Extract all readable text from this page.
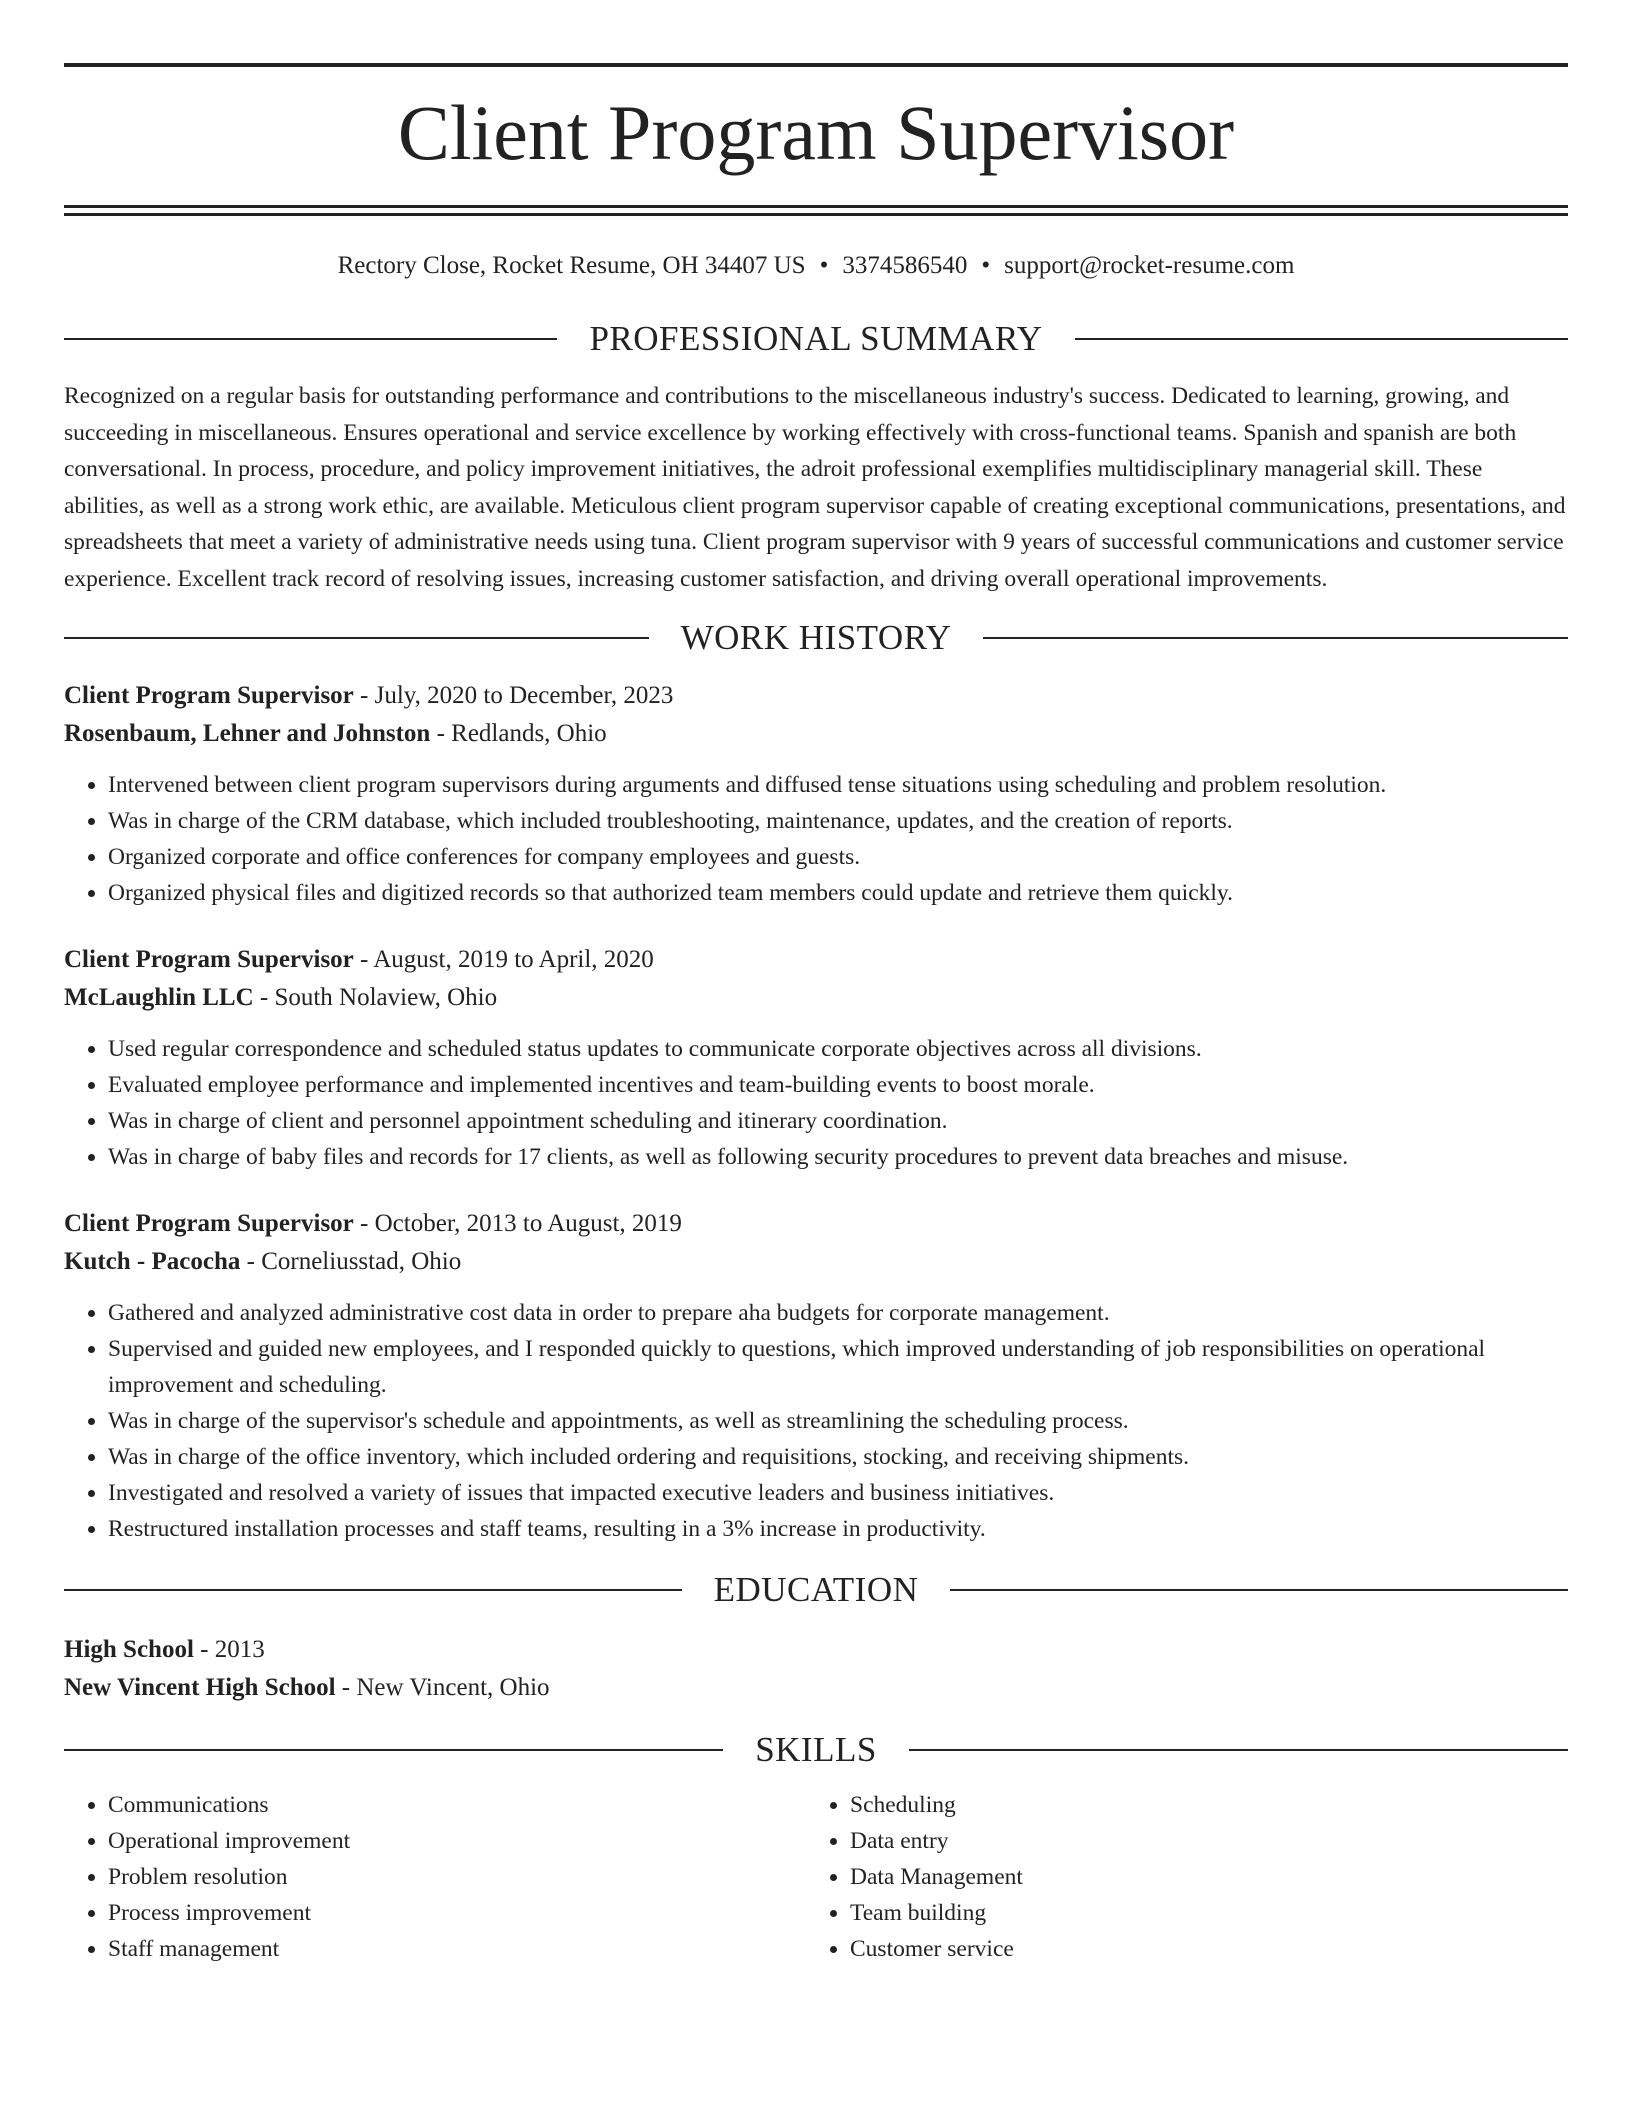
Client Program Supervisor
Rectory Close, Rocket Resume, OH 34407 US • 3374586540 • support@rocket-resume.com
PROFESSIONAL SUMMARY

Recognized on a regular basis for outstanding performance and contributions to the miscellaneous industry's success. Dedicated to learning, growing, and succeeding in miscellaneous. Ensures operational and service excellence by working effectively with cross-functional teams. Spanish and spanish are both conversational. In process, procedure, and policy improvement initiatives, the adroit professional exemplifies multidisciplinary managerial skill. These abilities, as well as a strong work ethic, are available. Meticulous client program supervisor capable of creating exceptional communications, presentations, and spreadsheets that meet a variety of administrative needs using tuna. Client program supervisor with 9 years of successful communications and customer service experience. Excellent track record of resolving issues, increasing customer satisfaction, and driving overall operational improvements.

WORK HISTORY
Client Program Supervisor - July, 2020 to December, 2023
Rosenbaum, Lehner and Johnston - Redlands, Ohio
• Intervened between client program supervisors during arguments and diffused tense situations using scheduling and problem resolution.
• Was in charge of the CRM database, which included troubleshooting, maintenance, updates, and the creation of reports.
• Organized corporate and office conferences for company employees and guests.
• Organized physical files and digitized records so that authorized team members could update and retrieve them quickly.
Client Program Supervisor - August, 2019 to April, 2020
McLaughlin LLC - South Nolaview, Ohio
• Used regular correspondence and scheduled status updates to communicate corporate objectives across all divisions.
• Evaluated employee performance and implemented incentives and team-building events to boost morale.
• Was in charge of client and personnel appointment scheduling and itinerary coordination.
• Was in charge of baby files and records for 17 clients, as well as following security procedures to prevent data breaches and misuse.
Client Program Supervisor - October, 2013 to August, 2019
Kutch - Pacocha - Corneliusstad, Ohio
• Gathered and analyzed administrative cost data in order to prepare aha budgets for corporate management.
• Supervised and guided new employees, and I responded quickly to questions, which improved understanding of job responsibilities on operational improvement and scheduling.
• Was in charge of the supervisor's schedule and appointments, as well as streamlining the scheduling process.
• Was in charge of the office inventory, which included ordering and requisitions, stocking, and receiving shipments.
• Investigated and resolved a variety of issues that impacted executive leaders and business initiatives.
• Restructured installation processes and staff teams, resulting in a 3% increase in productivity.
EDUCATION
High School - 2013
New Vincent High School - New Vincent, Ohio
SKILLS
• Communications
• Operational improvement
• Problem resolution
• Process improvement
• Staff management
• Scheduling
• Data entry
• Data Management
• Team building
• Customer service
